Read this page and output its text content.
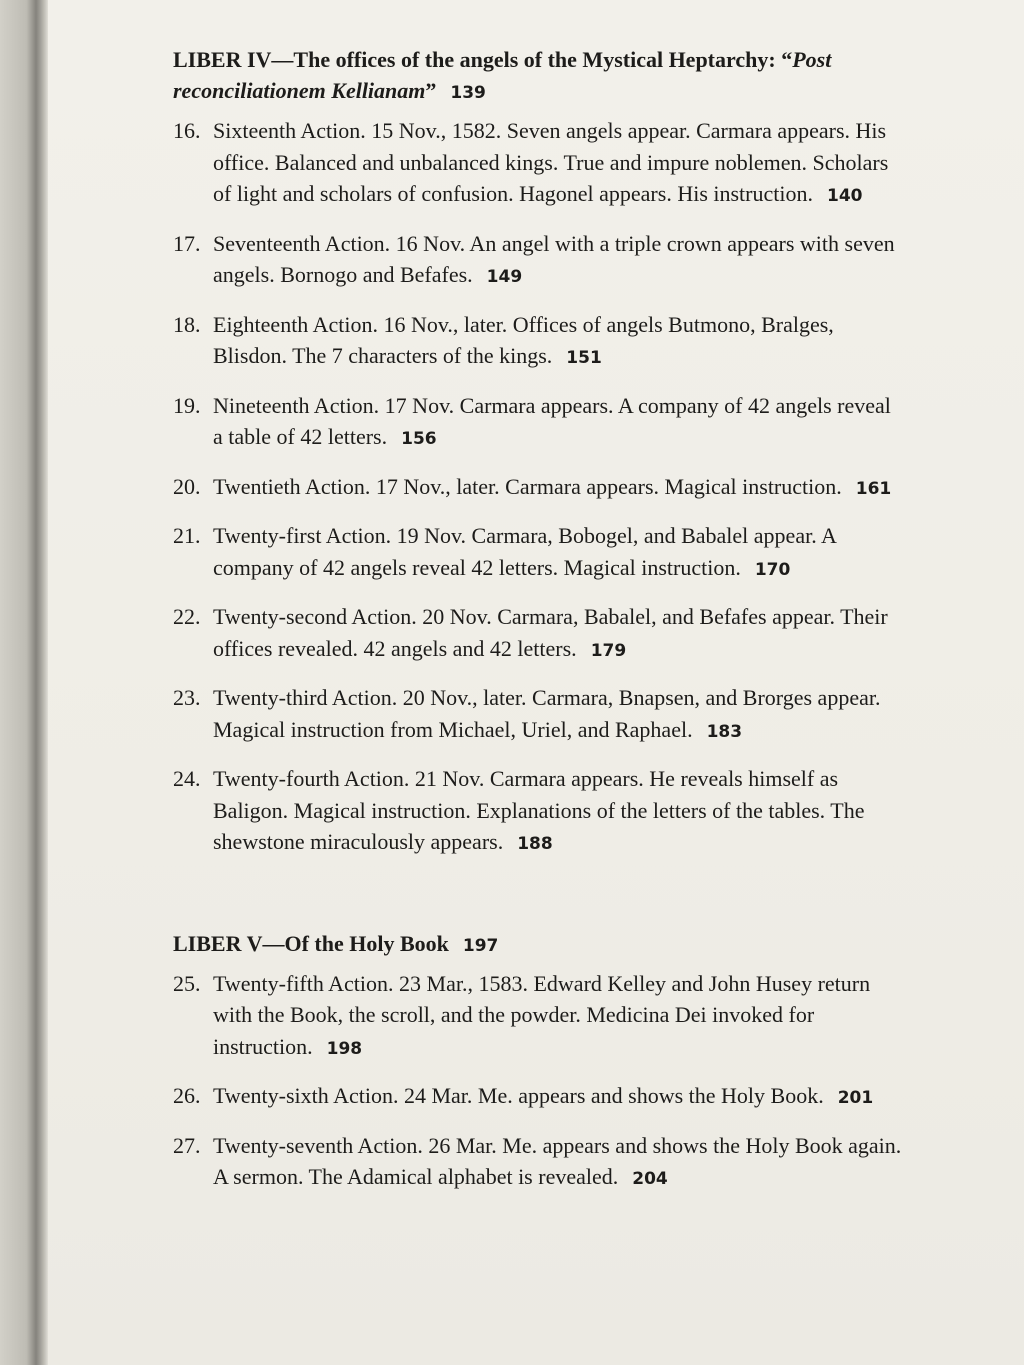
LIBER IV—The offices of the angels of the Mystical Heptarchy: “Post reconciliationem Kellianam” 139
16. Sixteenth Action. 15 Nov., 1582. Seven angels appear. Carmara appears. His office. Balanced and unbalanced kings. True and impure noblemen. Scholars of light and scholars of confusion. Hagonel appears. His instruction. 140
17. Seventeenth Action. 16 Nov. An angel with a triple crown appears with seven angels. Bornogo and Befafes. 149
18. Eighteenth Action. 16 Nov., later. Offices of angels Butmono, Bralges, Blisdon. The 7 characters of the kings. 151
19. Nineteenth Action. 17 Nov. Carmara appears. A company of 42 angels reveal a table of 42 letters. 156
20. Twentieth Action. 17 Nov., later. Carmara appears. Magical instruction. 161
21. Twenty-first Action. 19 Nov. Carmara, Bobogel, and Babalel appear. A company of 42 angels reveal 42 letters. Magical instruction. 170
22. Twenty-second Action. 20 Nov. Carmara, Babalel, and Befafes appear. Their offices revealed. 42 angels and 42 letters. 179
23. Twenty-third Action. 20 Nov., later. Carmara, Bnapsen, and Brorges appear. Magical instruction from Michael, Uriel, and Raphael. 183
24. Twenty-fourth Action. 21 Nov. Carmara appears. He reveals himself as Baligon. Magical instruction. Explanations of the letters of the tables. The shewstone miraculously appears. 188
LIBER V—Of the Holy Book 197
25. Twenty-fifth Action. 23 Mar., 1583. Edward Kelley and John Husey return with the Book, the scroll, and the powder. Medicina Dei invoked for instruction. 198
26. Twenty-sixth Action. 24 Mar. Me. appears and shows the Holy Book. 201
27. Twenty-seventh Action. 26 Mar. Me. appears and shows the Holy Book again. A sermon. The Adamical alphabet is revealed. 204
